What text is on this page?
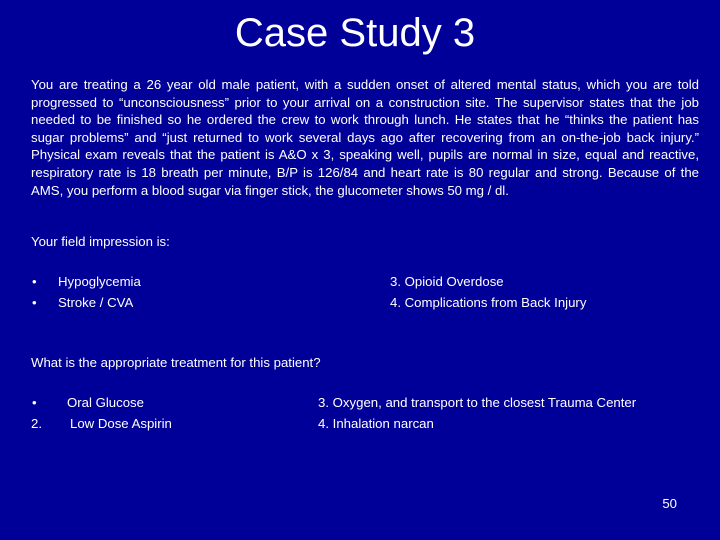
Case Study 3
You are treating a 26 year old male patient, with a sudden onset of altered mental status, which you are told progressed to “unconsciousness” prior to your arrival on a construction site. The supervisor states that the job needed to be finished so he ordered the crew to work through lunch. He states that he “thinks the patient has sugar problems” and “just returned to work several days ago after recovering from an on-the-job back injury.” Physical exam reveals that the patient is A&O x 3, speaking well, pupils are normal in size, equal and reactive, respiratory rate is 18 breath per minute, B/P is 126/84 and heart rate is 80 regular and strong. Because of the AMS, you perform a blood sugar via finger stick, the glucometer shows 50 mg / dl.
Your field impression is:
• Hypoglycemia
• Stroke / CVA
3. Opioid Overdose
4. Complications from Back Injury
What is the appropriate treatment for this patient?
• Oral Glucose
2. Low Dose Aspirin
3. Oxygen, and transport to the closest Trauma Center
4. Inhalation narcan
50
